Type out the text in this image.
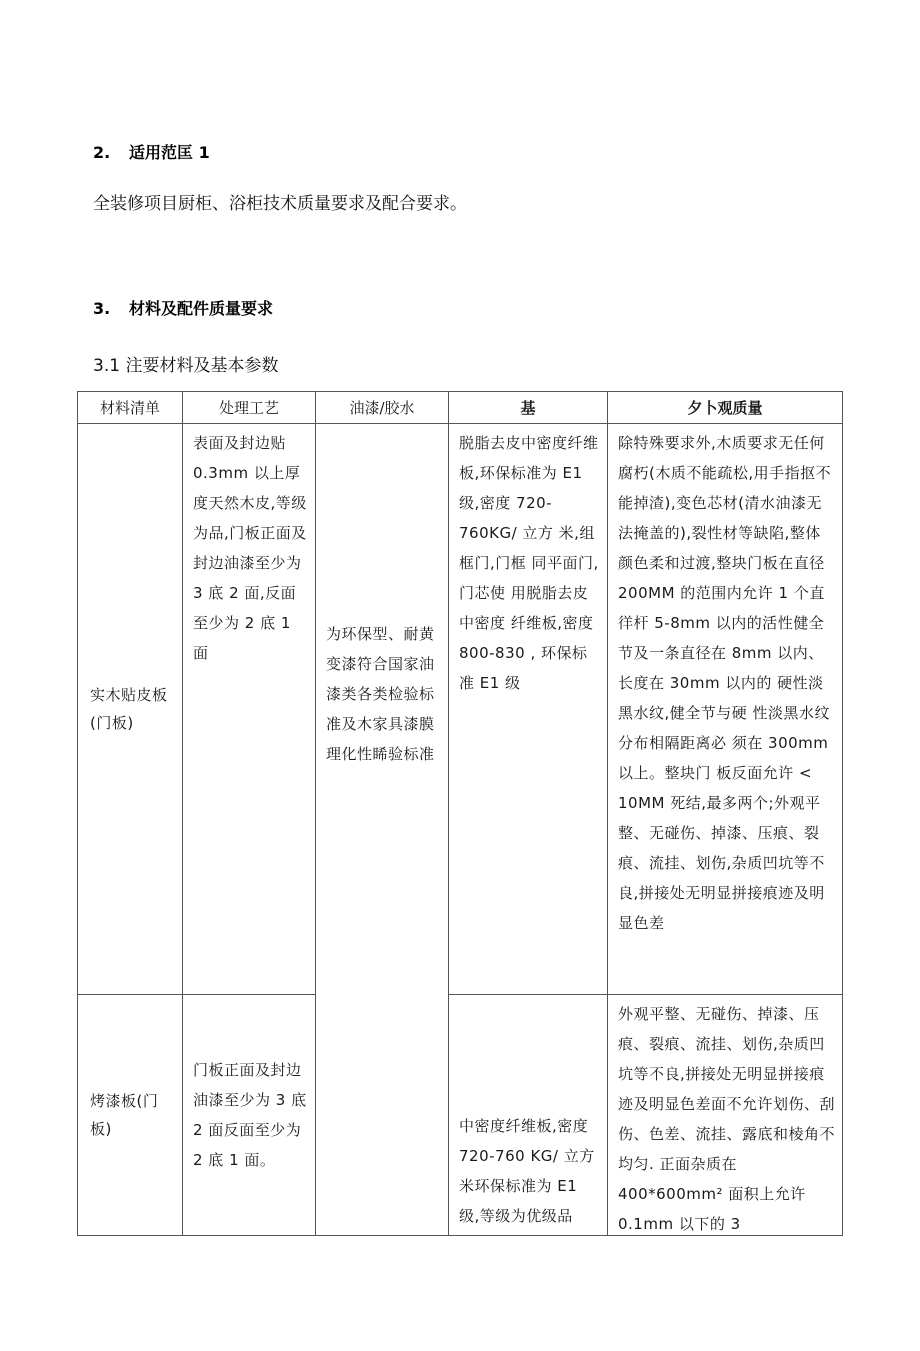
2. 适用范匡 1
全装修项目厨柜、浴柜技术质量要求及配合要求。
3. 材料及配件质量要求
3.1 注要材料及基本参数
材料清单	处理工艺	油漆/胶水	基	夕卜观质量

实木贴皮板(门板)	表面及封边贴 0.3mm 以上厚度天然木皮,等级为品,门板正面及封边油漆至少为 3 底 2 面,反面至少为 2 底 1 面	为环保型、耐黄变漆符合国家油漆类各类检验标准及木家具漆膜理化性睎验标准	脱脂去皮中密度纤维板,环保标准为 E1 级,密度 720-760KG/ 立方 米,组框门,门框 同平面门,门芯使 用脱脂去皮中密度 纤维板,密度 800-830 , 环保标准 E1 级	除特殊要求外,木质要求无任何腐朽(木质不能疏松,用手指抠不能掉渣),变色芯材(清水油漆无法掩盖的),裂性材等缺陷,整体颜色柔和过渡,整块门板在直径 200MM 的范围内允许 1 个直徉杆 5-8mm 以内的活性健全节及一条直径在 8mm 以内、长度在 30mm 以内的 硬性淡黑水纹,健全节与硬 性淡黑水纹分布相隔距离必 须在 300mm 以上。整块门 板反面允许 < 10MM 死结,最多两个;外观平整、无碰伤、掉漆、压痕、裂痕、流挂、划伤,杂质凹坑等不良,拼接处无明显拼接痕迹及明显色差

烤漆板(门板)	门板正面及封边油漆至少为 3 底 2 面反面至少为 2 底 1 面。		中密度纤维板,密度 720-760 KG/ 立方米环保标准为 E1 级,等级为优级品	外观平整、无碰伤、掉漆、压痕、裂痕、流挂、划伤,杂质凹坑等不良,拼接处无明显拼接痕迹及明显色差面不允许划伤、刮伤、色差、流挂、露底和棱角不均匀. 正面杂质在 400*600mm² 面积上允许 0.1mm 以下的 3
